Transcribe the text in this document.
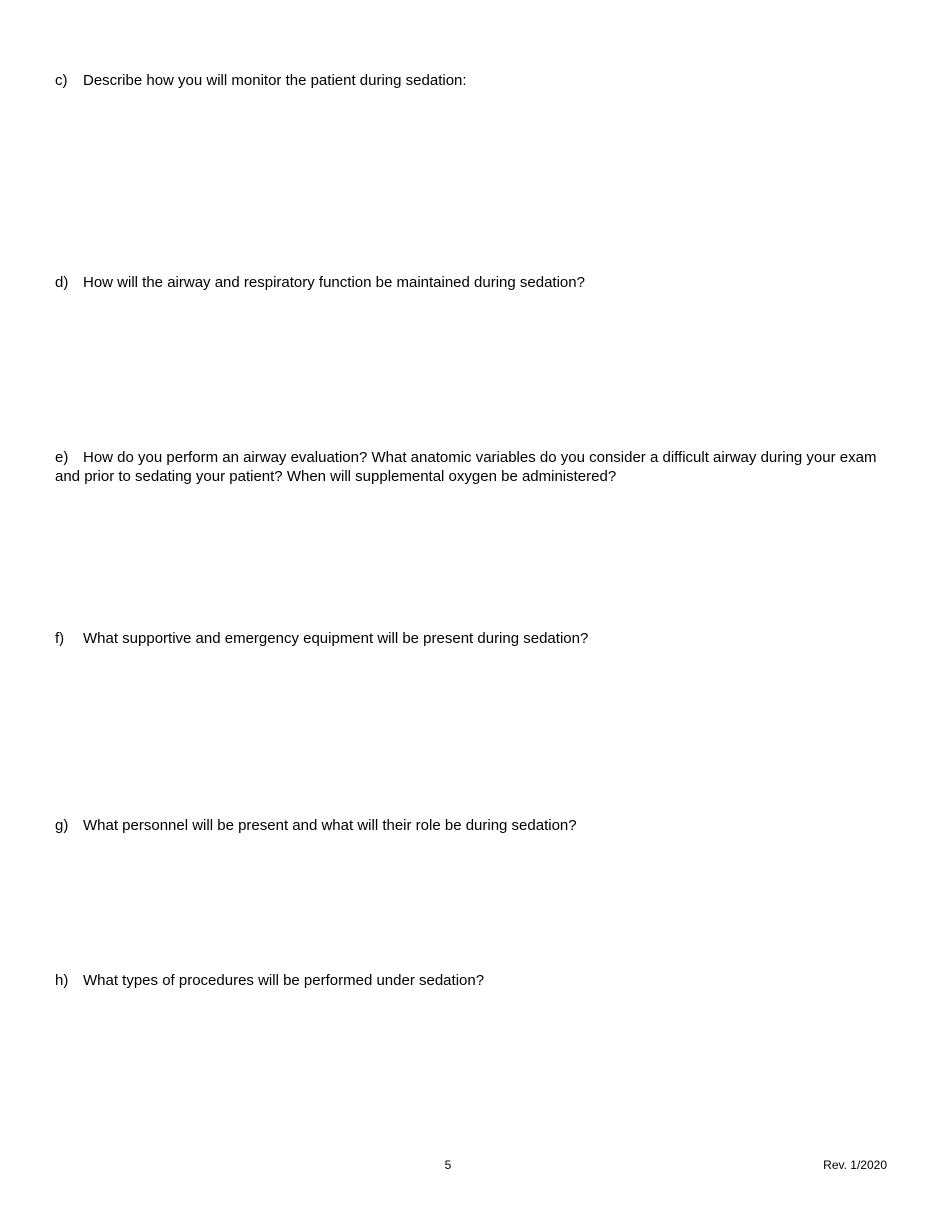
c) Describe how you will monitor the patient during sedation:

d) How will the airway and respiratory function be maintained during sedation?

e) How do you perform an airway evaluation? What anatomic variables do you consider a difficult airway during your exam and prior to sedating your patient? When will supplemental oxygen be administered?

f) What supportive and emergency equipment will be present during sedation?

g) What personnel will be present and what will their role be during sedation?

h) What types of procedures will be performed under sedation?

5	Rev. 1/2020
